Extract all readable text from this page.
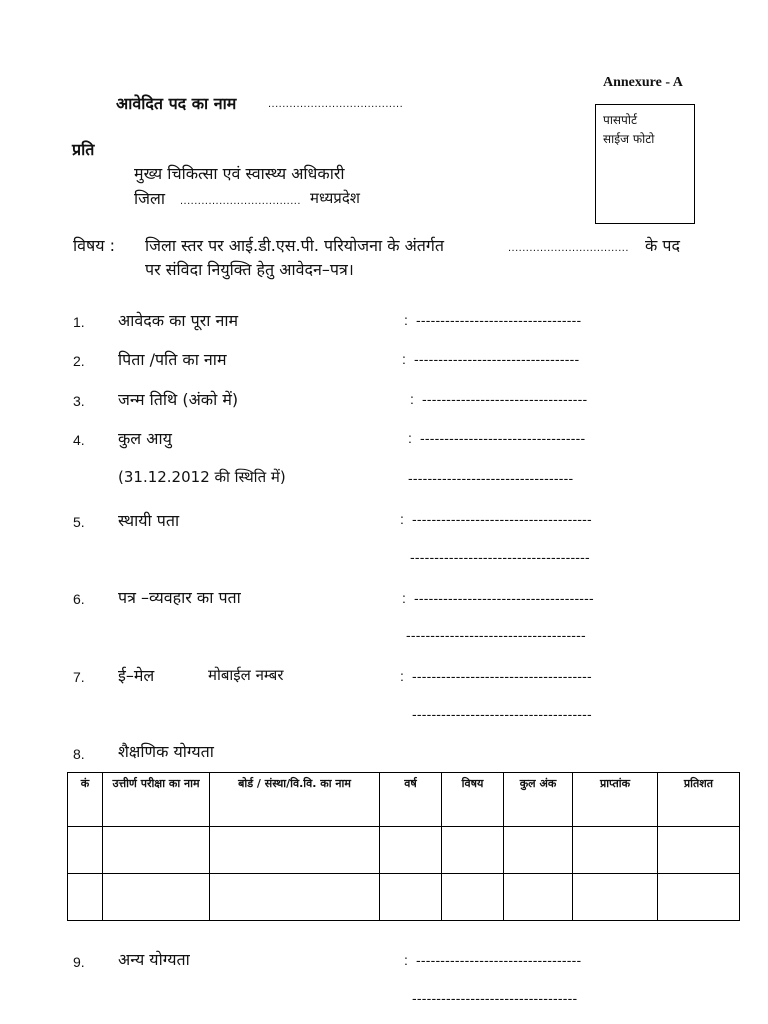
Annexure - A
पासपोर्ट
साईज फोटो
आवेदित पद का नाम	......................................
प्रति
मुख्य चिकित्सा एवं स्वास्थ्य अधिकारी
जिला .................................. मध्यप्रदेश
विषय : जिला स्तर पर आई.डी.एस.पी. परियोजना के अंतर्गत	.................................. के पद
पर संविदा नियुक्ति हेतु आवेदन–पत्र।
1. आवेदक का पूरा नाम	: ----------------------------------
2. पिता /पति का नाम	: ----------------------------------
3. जन्म तिथि (अंको में)	: ----------------------------------
4. कुल आयु	: ----------------------------------
(31.12.2012 की स्थिति में)	----------------------------------
5. स्थायी पता	: -------------------------------------
-------------------------------------
6. पत्र –व्यवहार का पता	: -------------------------------------
-------------------------------------
7. ई–मेल	मोबाईल नम्बर	: -------------------------------------
-------------------------------------
8. शैक्षणिक योग्यता
कं	उत्तीर्ण परीक्षा का नाम	बोर्ड / संस्था/वि.वि. का नाम	वर्ष	विषय	कुल अंक	प्राप्तांक	प्रतिशत

9. अन्य योग्यता	: ----------------------------------
----------------------------------
